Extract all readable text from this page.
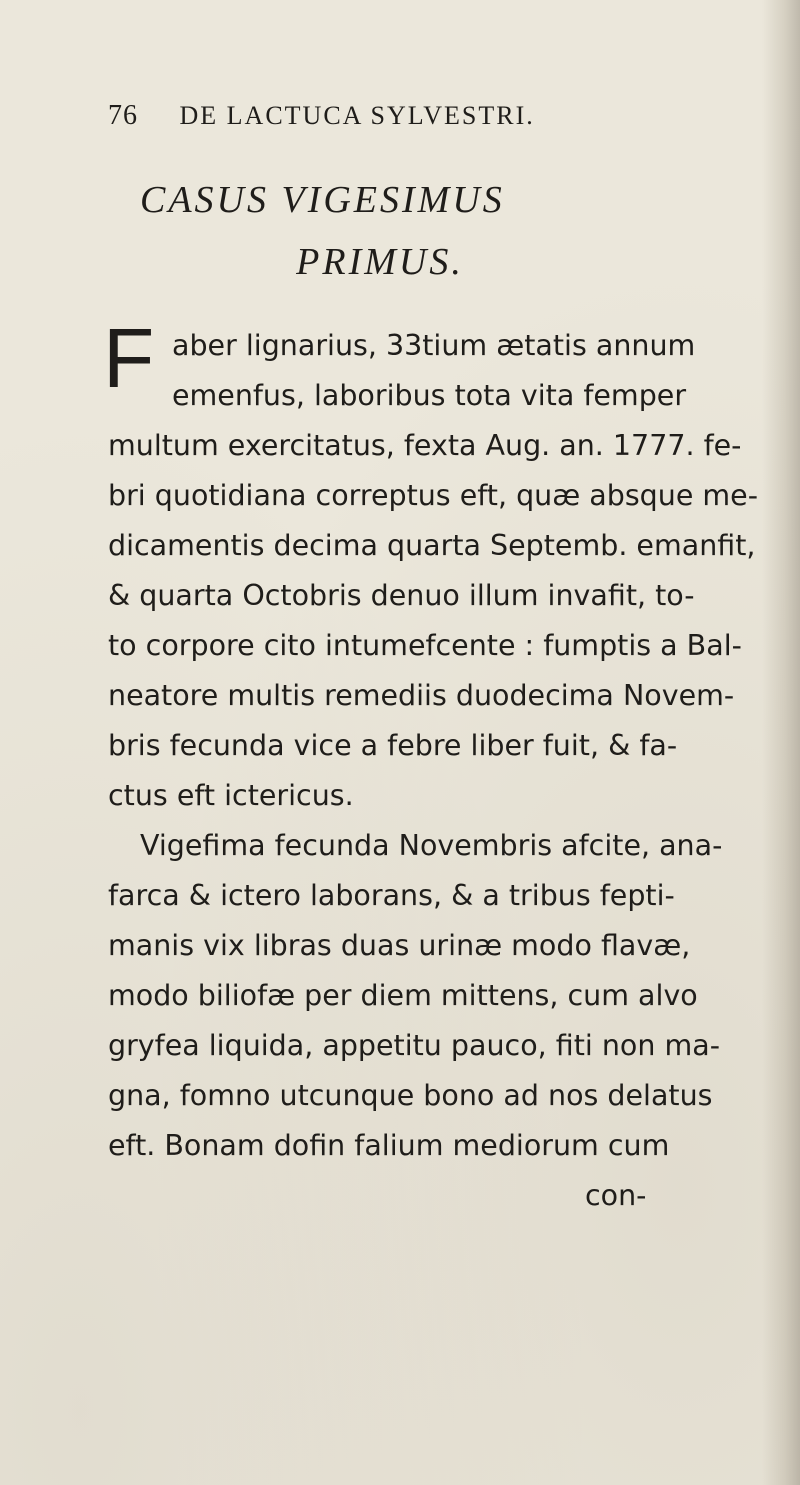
76 DE LACTUCA SYLVESTRI.
CASUS VIGESIMUS
PRIMUS.
F aber lignarius, 33tium ætatis annum
emenfus, laboribus tota vita femper
multum exercitatus, fexta Aug. an. 1777. fe-
bri quotidiana correptus eft, quæ absque me-
dicamentis decima quarta Septemb. emanfit,
& quarta Octobris denuo illum invafit, to-
to corpore cito intumefcente : fumptis a Bal-
neatore multis remediis duodecima Novem-
bris fecunda vice a febre liber fuit, & fa-
ctus eft ictericus.
Vigefima fecunda Novembris afcite, ana-
farca & ictero laborans, & a tribus fepti-
manis vix libras duas urinæ modo flavæ,
modo biliofæ per diem mittens, cum alvo
gryfea liquida, appetitu pauco, fiti non ma-
gna, fomno utcunque bono ad nos delatus
eft. Bonam dofin falium mediorum cum
con-
